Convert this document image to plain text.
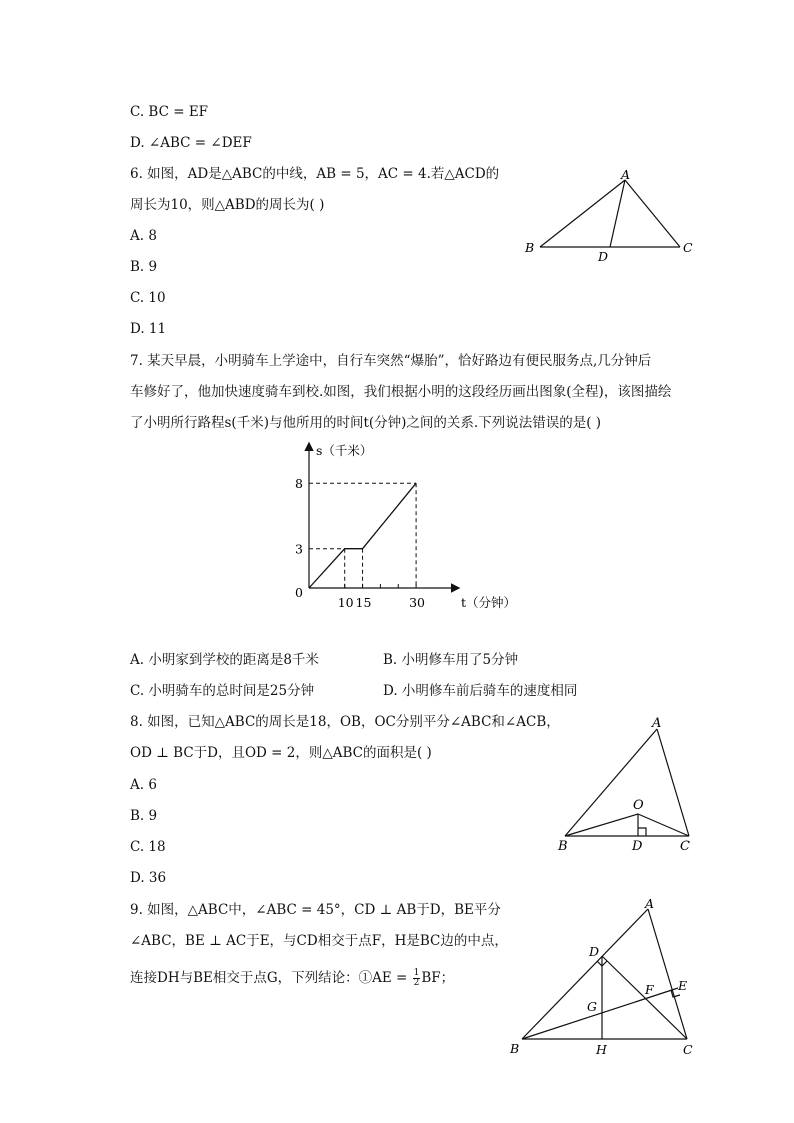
C. BC = EF
D. ∠ABC = ∠DEF
6. 如图，AD是△ABC的中线，AB = 5，AC = 4.若△ACD的
周长为10，则△ABD的周长为( )
A. 8
B. 9
C. 10
D. 11
A
B	C
D
7. 某天早晨，小明骑车上学途中，自行车突然“爆胎”，恰好路边有便民服务点,几分钟后
车修好了，他加快速度骑车到校.如图，我们根据小明的这段经历画出图象(全程)，该图描绘
了小明所行路程s(千米)与他所用的时间t(分钟)之间的关系.下列说法错误的是( )
10 15	30
3
8
s（千米）
t（分钟）
0
A. 小明家到学校的距离是8千米	B. 小明修车用了5分钟
C. 小明骑车的总时间是25分钟	D. 小明修车前后骑车的速度相同
8. 如图，已知△ABC的周长是18，OB，OC分别平分∠ABC和∠ACB，
OD ⊥ BC于D，且OD = 2，则△ABC的面积是( )
A. 6
B. 9
C. 18
D. 36
A
B	C
D
O
9. 如图，△ABC中，∠ABC = 45°，CD ⊥ AB于D，BE平分
∠ABC，BE ⊥ AC于E，与CD相交于点F，H是BC边的中点，
连接DH与BE相交于点G，下列结论：①AE = $\frac{1}{2}$ BF；
A
B	C
D
E
F
G
H
